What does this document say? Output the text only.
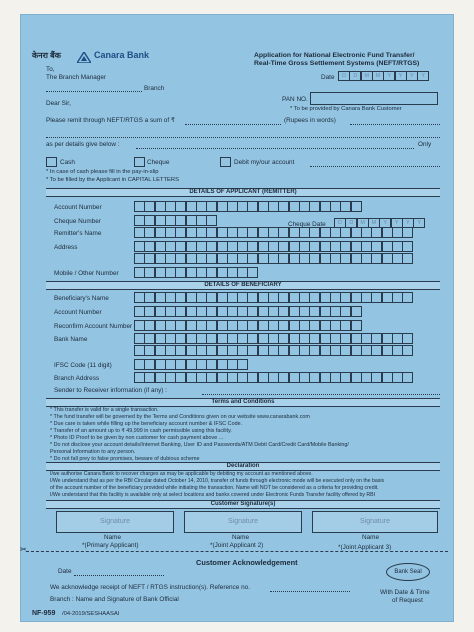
केनरा बैंक	Canara Bank	Application for National Electronic Fund Transfer/
Real-Time Gross Settlement Systems (NEFT/RTGS)
To,
The Branch Manager	Date	D	D	M	M	Y	Y	Y	Y
Branch
PAN NO.
* To be provided by Canara Bank Customer
Dear Sir,
Please remit through NEFT/RTGS a sum of ₹	(Rupees in words)
as per details give below :	Only
Cash	Cheque	Debit my/our account
* In case of cash please fill in the pay-in-slip
* To be filled by the Applicant in CAPITAL LETTERS
DETAILS OF APPLICANT (REMITTER)
Account Number
Cheque Number	Cheque Date	D	D	M	M	Y	Y	Y	Y
Remitter's Name
Address
Mobile / Other Number
DETAILS OF BENEFICIARY
Beneficiary's Name
Account Number
Reconfirm Account Number
Bank Name
IFSC Code (11 digit)
Branch Address
Sender to Receiver information (if any) :
Terms and Conditions
* This transfer is valid for a single transaction.
* The fund transfer will be governed by the Terms and Conditions given on our website www.canarabank.com
* Due care is taken while filling up the beneficiary account number & IFSC Code.
* Transfer of an amount up to ₹ 49,999 in cash permissible using this facility.
* Photo ID Proof to be given by non customer for cash payment above ...
* Do not disclose your account details/Internet Banking, User ID and Passwords/ATM Debit Card/Credit Card/Mobile Banking/
Personal Information to any person.
* Do not fall prey to false promises, beware of dubious scheme
Declaration
I/we authorise Canara Bank to recover charges as may be applicable by debiting my account as mentioned above.
I/We understand that as per the RBI Circular dated October 14, 2010, transfer of funds through electronic mode will be executed only on the basis
of the account number of the beneficiary provided while initiating the transaction. Name will NOT be considered as a criteria for providing credit.
I/We understand that this facility is available only at select locations and banks covered under Electronic Funds Transfer facility offered by RBI
Customer Signature(s)
Signature	Signature	Signature
Name	Name	Name
*(Primary Applicant)	*(Joint Applicant 2)	*(Joint Applicant 3)
✂
Customer Acknowledgement
Date
We acknowledge receipt of NEFT / RTGS instruction(s). Reference no.
Branch : Name and Signature of Bank Official
Bank Seal
With Date & Time
of Request
NF-959 /04-2019/SESHAASAI
